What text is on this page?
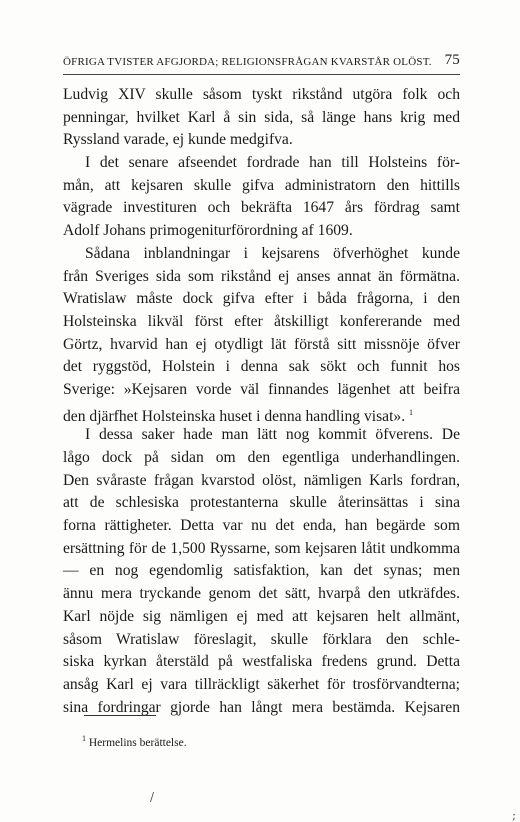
ÖFRIGA TVISTER AFGJORDA; RELIGIONSFRÅGAN KVARSTÅR OLÖST. 75
Ludvig XIV skulle såsom tyskt rikstånd utgöra folk och
penningar, hvilket Karl å sin sida, så länge hans krig med
Ryssland varade, ej kunde medgifva.
I det senare afseendet fordrade han till Holsteins för-
mån, att kejsaren skulle gifva administratorn den hittills
vägrade investituren och bekräfta 1647 års fördrag samt
Adolf Johans primogeniturförordning af 1609.
Sådana inblandningar i kejsarens öfverhöghet kunde
från Sveriges sida som rikstånd ej anses annat än förmätna.
Wratislaw måste dock gifva efter i båda frågorna, i den
Holsteinska likväl först efter åtskilligt konfererande med
Görtz, hvarvid han ej otydligt lät förstå sitt missnöje öfver
det ryggstöd, Holstein i denna sak sökt och funnit hos
Sverige: »Kejsaren vorde väl finnandes lägenhet att beifra
den djärfhet Holsteinska huset i denna handling visat». $^1$
I dessa saker hade man lätt nog kommit öfverens. De
lågo dock på sidan om den egentliga underhandlingen.
Den svåraste frågan kvarstod olöst, nämligen Karls fordran,
att de schlesiska protestanterna skulle återinsättas i sina
forna rättigheter. Detta var nu det enda, han begärde som
ersättning för de 1,500 Ryssarne, som kejsaren låtit undkomma
— en nog egendomlig satisfaktion, kan det synas; men
ännu mera tryckande genom det sätt, hvarpå den utkräfdes.
Karl nöjde sig nämligen ej med att kejsaren helt allmänt,
såsom Wratislaw föreslagit, skulle förklara den schle-
siska kyrkan återstäld på westfaliska fredens grund. Detta
ansåg Karl ej vara tillräckligt säkerhet för trosförvandterna;
sina fordringar gjorde han långt mera bestämda. Kejsaren
$^1$ Hermelins berättelse.
/
;
